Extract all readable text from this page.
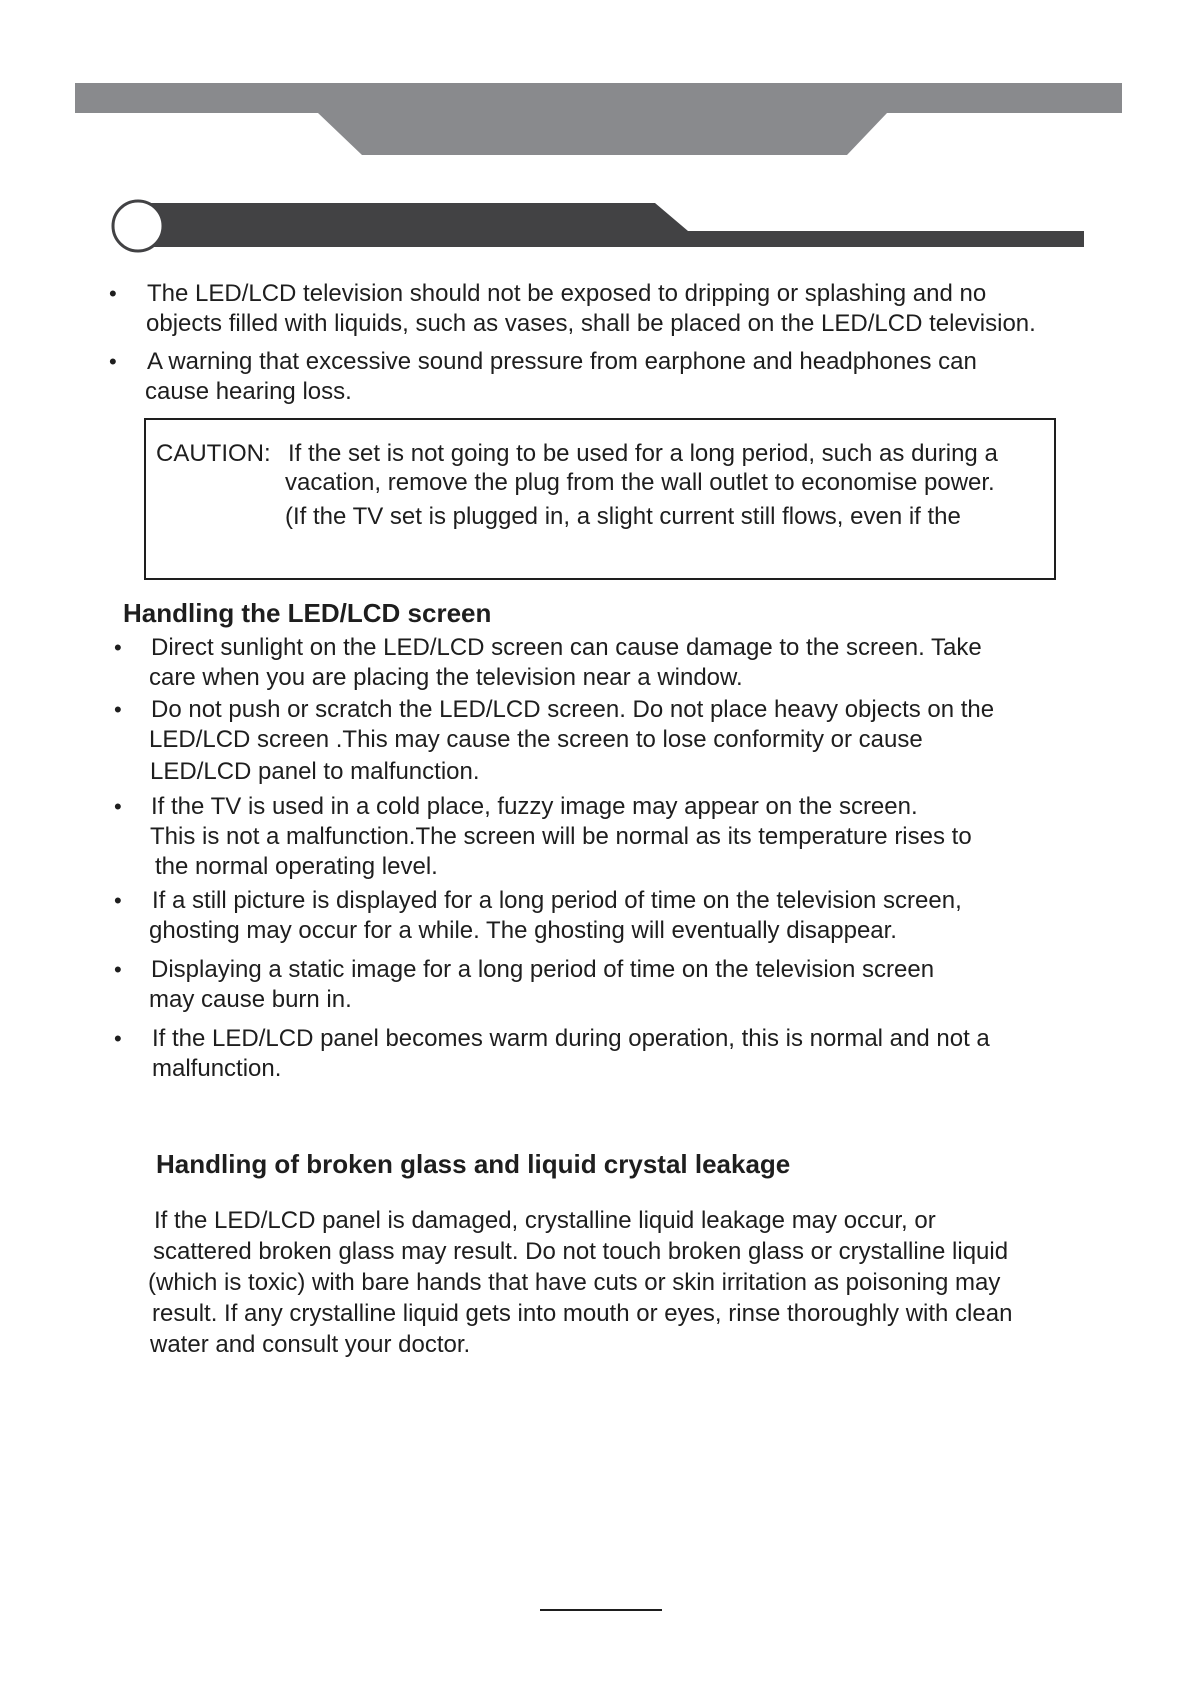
• The LED/LCD television should not be exposed to dripping or splashing and no
objects filled with liquids, such as vases, shall be placed on the LED/LCD television.
• A warning that excessive sound pressure from earphone and headphones can
cause hearing loss.
CAUTION: If the set is not going to be used for a long period, such as during a
vacation, remove the plug from the wall outlet to economise power.
(If the TV set is plugged in, a slight current still flows, even if the
Handling the LED/LCD screen
• Direct sunlight on the LED/LCD screen can cause damage to the screen. Take
care when you are placing the television near a window.
• Do not push or scratch the LED/LCD screen. Do not place heavy objects on the
LED/LCD screen .This may cause the screen to lose conformity or cause
LED/LCD panel to malfunction.
• If the TV is used in a cold place, fuzzy image may appear on the screen.
This is not a malfunction.The screen will be normal as its temperature rises to
the normal operating level.
• If a still picture is displayed for a long period of time on the television screen,
ghosting may occur for a while. The ghosting will eventually disappear.
• Displaying a static image for a long period of time on the television screen
may cause burn in.
• If the LED/LCD panel becomes warm during operation, this is normal and not a
malfunction.
Handling of broken glass and liquid crystal leakage
If the LED/LCD panel is damaged, crystalline liquid leakage may occur, or
scattered broken glass may result. Do not touch broken glass or crystalline liquid
(which is toxic) with bare hands that have cuts or skin irritation as poisoning may
result. If any crystalline liquid gets into mouth or eyes, rinse thoroughly with clean
water and consult your doctor.
